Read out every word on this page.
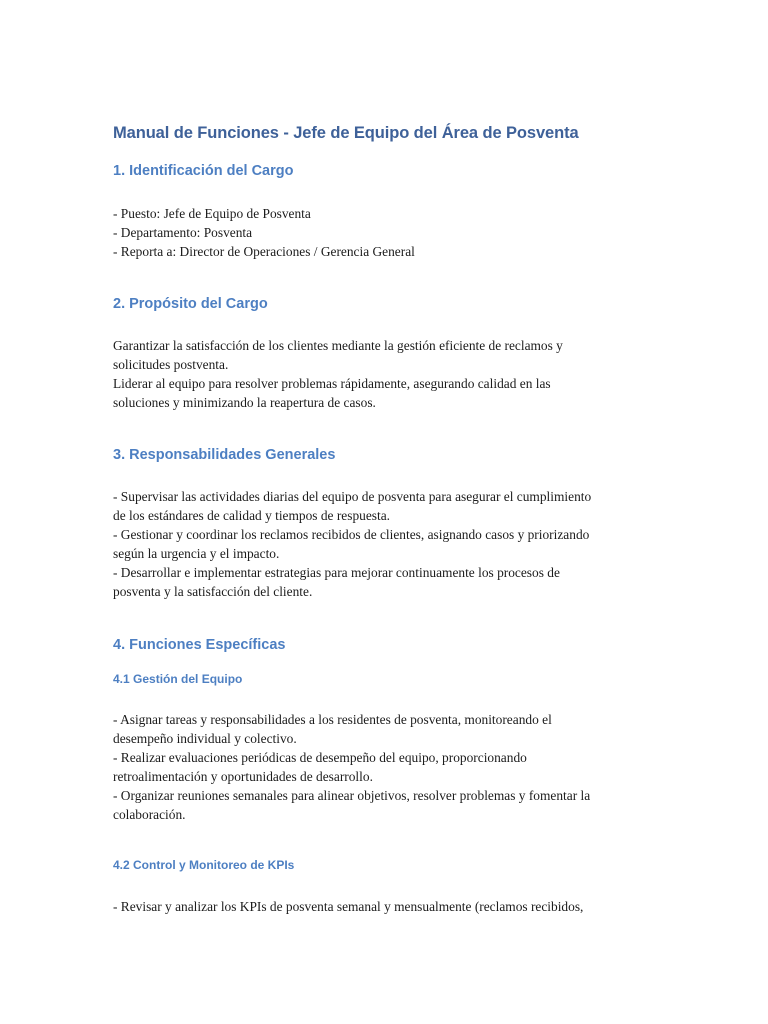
Manual de Funciones - Jefe de Equipo del Área de Posventa
1. Identificación del Cargo

- Puesto: Jefe de Equipo de Posventa
- Departamento: Posventa
- Reporta a: Director de Operaciones / Gerencia General

2. Propósito del Cargo

Garantizar la satisfacción de los clientes mediante la gestión eficiente de reclamos y
solicitudes postventa.
Liderar al equipo para resolver problemas rápidamente, asegurando calidad en las
soluciones y minimizando la reapertura de casos.

3. Responsabilidades Generales

- Supervisar las actividades diarias del equipo de posventa para asegurar el cumplimiento
de los estándares de calidad y tiempos de respuesta.
- Gestionar y coordinar los reclamos recibidos de clientes, asignando casos y priorizando
según la urgencia y el impacto.
- Desarrollar e implementar estrategias para mejorar continuamente los procesos de
posventa y la satisfacción del cliente.

4. Funciones Específicas
4.1 Gestión del Equipo

- Asignar tareas y responsabilidades a los residentes de posventa, monitoreando el
desempeño individual y colectivo.
- Realizar evaluaciones periódicas de desempeño del equipo, proporcionando
retroalimentación y oportunidades de desarrollo.
- Organizar reuniones semanales para alinear objetivos, resolver problemas y fomentar la
colaboración.

4.2 Control y Monitoreo de KPIs

- Revisar y analizar los KPIs de posventa semanal y mensualmente (reclamos recibidos,
